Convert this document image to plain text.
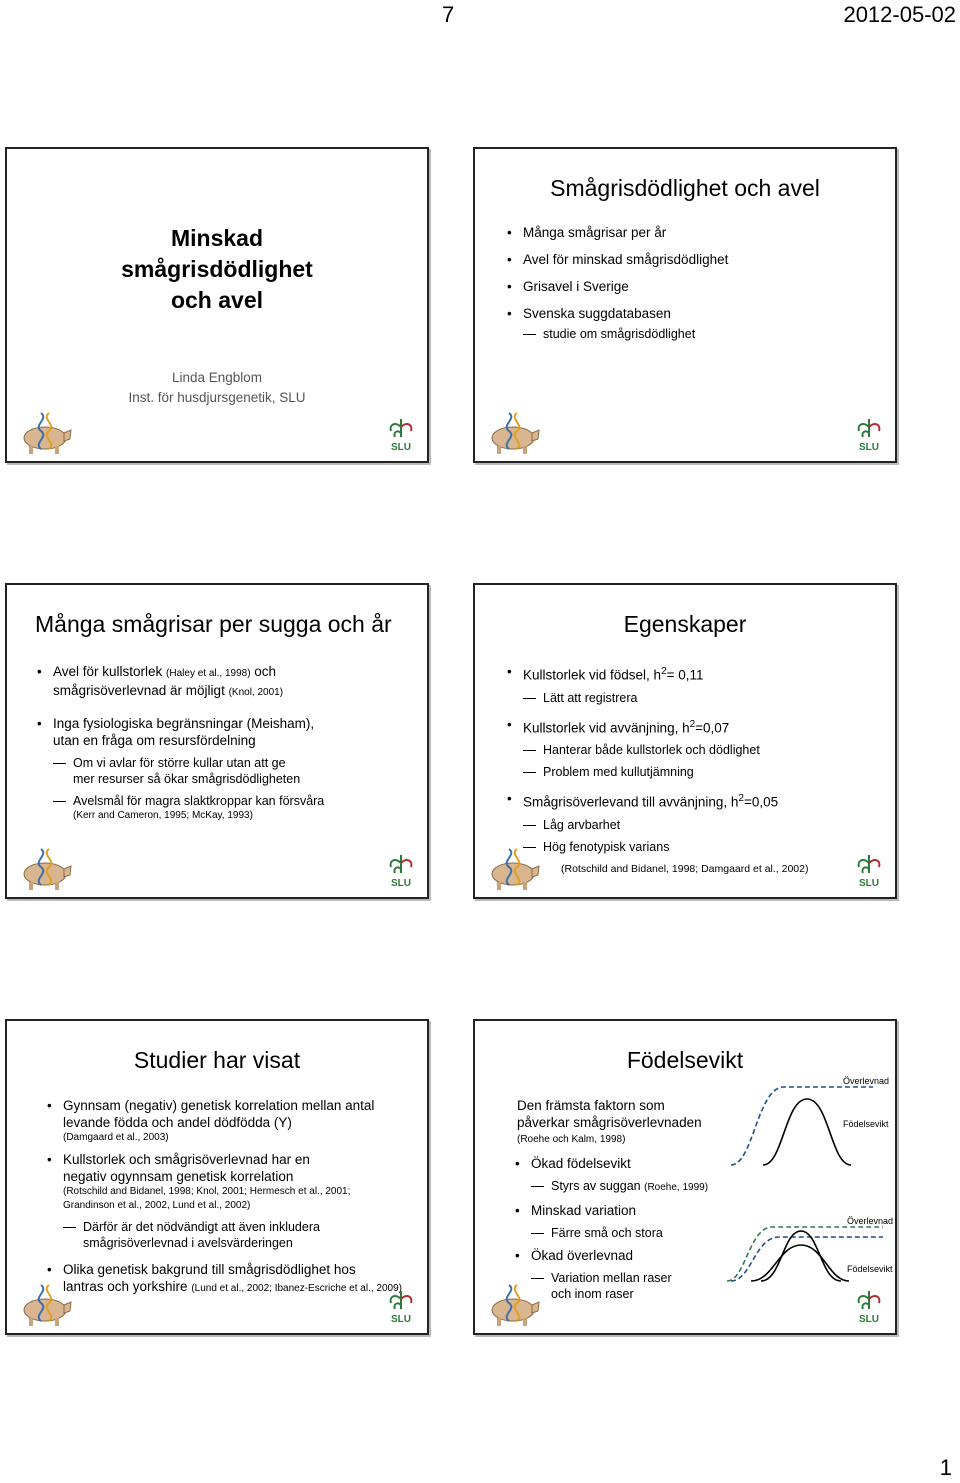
7	2012-05-02
Minskad
smågrisdödlighet
och avel
Linda Engblom
Inst. för husdjursgenetik, SLU
SLU
Smågrisdödlighet och avel
• Många smågrisar per år
• Avel för minskad smågrisdödlighet
• Grisavel i Sverige
• Svenska suggdatabasen
studie om smågrisdödlighet
SLU
Många smågrisar per sugga och år
• Avel för kullstorlek (Haley et al., 1998) och
smågrisöverlevnad är möjligt (Knol, 2001)
• Inga fysiologiska begränsningar (Meisham),
utan en fråga om resursfördelning
Om vi avlar för större kullar utan att ge
mer resurser så ökar smågrisdödligheten
Avelsmål för magra slaktkroppar kan försvåra
(Kerr and Cameron, 1995; McKay, 1993)
SLU
Egenskaper
• Kullstorlek vid födsel, $h^2= 0,11$
Lätt att registrera
• Kullstorlek vid avvänjning, $h^2=0,07$
Hanterar både kullstorlek och dödlighet
Problem med kullutjämning
• Smågrisöverlevand till avvänjning, $h^2=0,05$
Låg arvbarhet
Hög fenotypisk varians
(Rotschild and Bidanel, 1998; Damgaard et al., 2002)
SLU
Studier har visat
• Gynnsam (negativ) genetisk korrelation mellan antal
levande födda och andel dödfödda (Y)
(Damgaard et al., 2003)
• Kullstorlek och smågrisöverlevnad har en
negativ ogynnsam genetisk korrelation
(Rotschild and Bidanel, 1998; Knol, 2001; Hermesch et al., 2001;
Grandinson et al., 2002, Lund et al., 2002)
Därför är det nödvändigt att även inkludera
smågrisöverlevnad i avelsvärderingen
• Olika genetisk bakgrund till smågrisdödlighet hos
lantras och yorkshire (Lund et al., 2002; Ibanez-Escriche et al., 2009)
SLU
Födelsevikt
Den främsta faktorn som
påverkar smågrisöverlevnaden
(Roehe och Kalm, 1998)
• Ökad födelsevikt
Styrs av suggan (Roehe, 1999)
• Minskad variation
Färre små och stora
• Ökad överlevnad
Variation mellan raser
och inom raser
Överlevnad
Födelsevikt
Överlevnad
Födelsevikt
SLU
1
